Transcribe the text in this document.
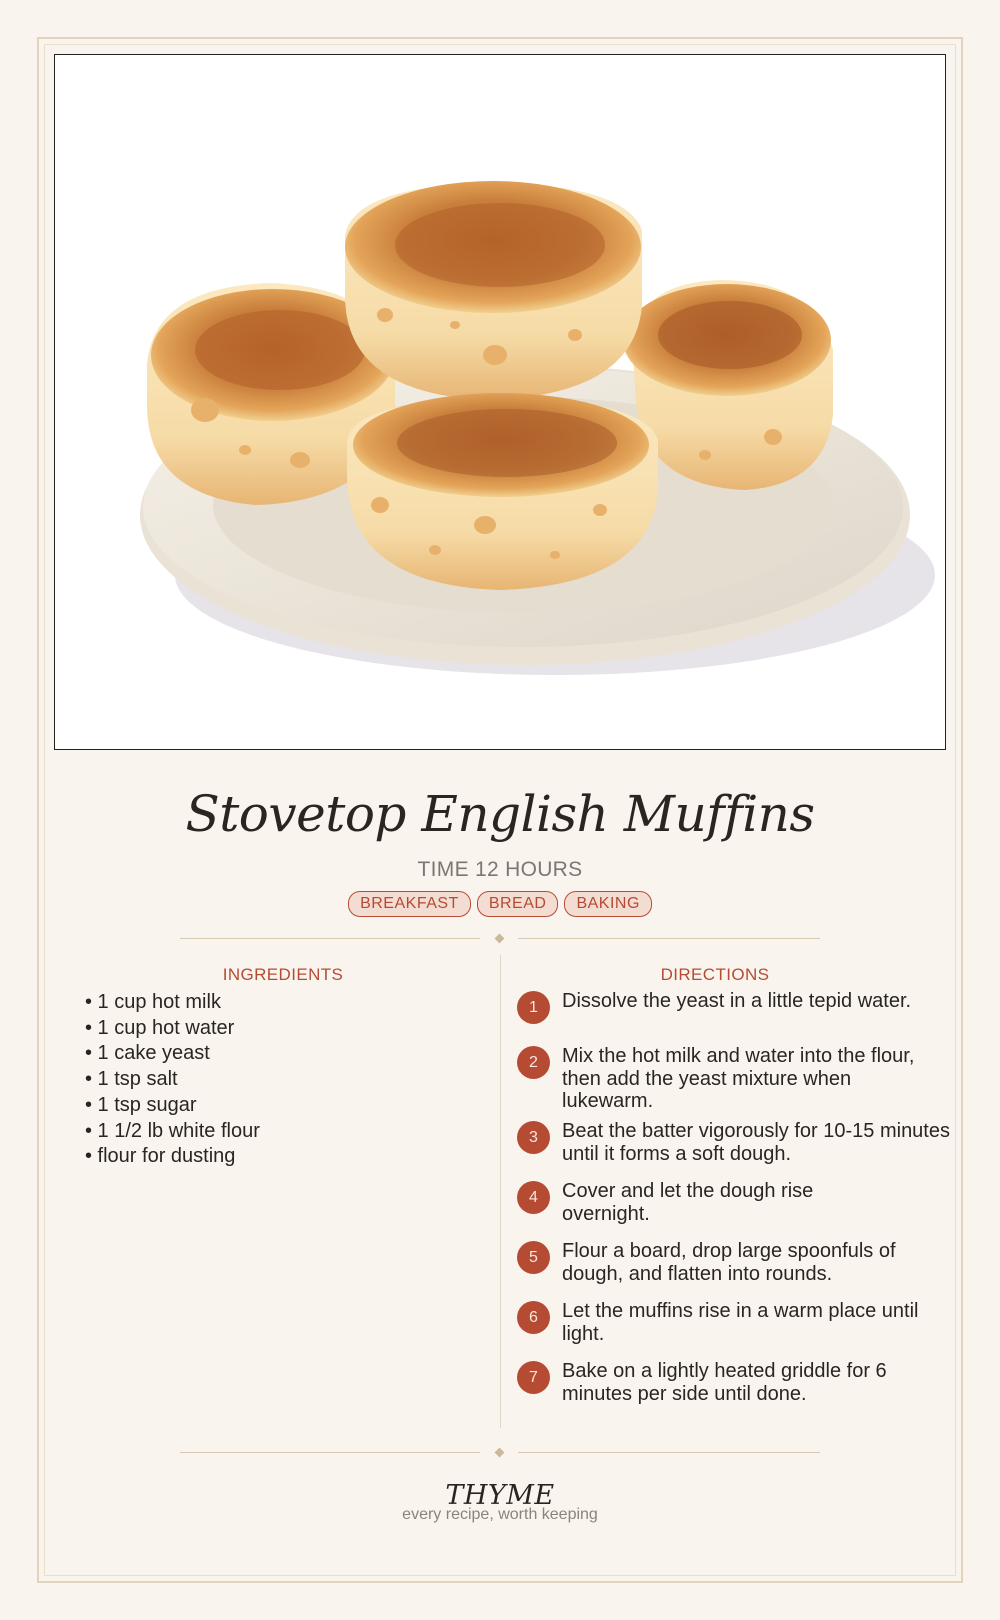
Stovetop English Muffins
TIME 12 HOURS
BREAKFAST BREAD BAKING
INGREDIENTS
• 1 cup hot milk
• 1 cup hot water
• 1 cake yeast
• 1 tsp salt
• 1 tsp sugar
• 1 1/2 lb white flour
• flour for dusting
DIRECTIONS
1	Dissolve the yeast in a little tepid water.
2	Mix the hot milk and water into the flour, then add the yeast mixture when lukewarm.
3	Beat the batter vigorously for 10-15 minutes until it forms a soft dough.
4	Cover and let the dough rise overnight.
5	Flour a board, drop large spoonfuls of dough, and flatten into rounds.
6	Let the muffins rise in a warm place until light.
7	Bake on a lightly heated griddle for 6 minutes per side until done.
THYME
every recipe, worth keeping
